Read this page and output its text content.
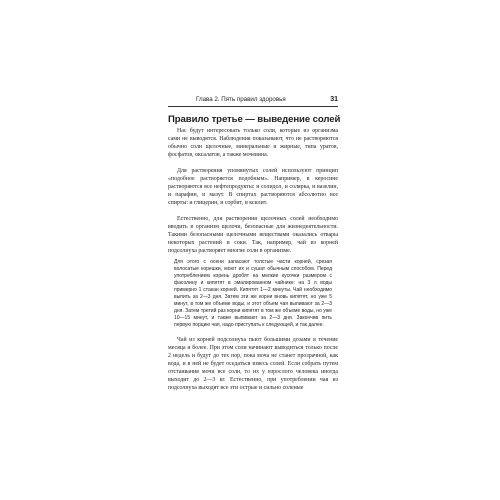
Глава 2. Пять правил здоровья	31
Правило третье — выведение солей

Нас будут интересовать только соли, которые из организма сами не выводятся. Наблюдения показывают, что не растворяются обычно соли щелочные, минеральные и жирные, типа уратов, фосфатов, оксалатов, а также мочевина.

Для растворения упомянутых солей используют принцип «подобное растворяется подобным». Например, в керосине растворяются все нефтепродукты: и солидол, и солярка, и вазелин, и парафин, и мазут. В спиртах растворяются абсолютно все спирты: и глицерин, и сорбит, и ксилит.

Естественно, для растворения щелочных солей необходимо вводить в организм щелочи, безопасные для жизнедеятельности. Такими безопасными щелочными веществами оказались отвары некоторых растений и соки. Так, например, чай из корней подсолнуха растворяет многие соли в организме.

Для этого с осени запасают толстые части корней, срезая волосатые корешки, моют их и сушат обычным способом. Перед употреблением корень дробят на мелкие кусочки размером с фасолину и кипятят в эмалированном чайнике: на 3 л воды примерно 1 стакан корней. Кипятят 1—2 минуты. Чай необходимо выпить за 2—3 дня. Затем эти же корни вновь кипятят, но уже 5 минут, в том же объеме воды, и этот объем чая выпивают за 2—3 дня. Затем третий раз корни кипятят в том же объеме воды, но уже 10—15 минут, и также выпивают за 2—3 дня. Закончив пить первую порцию чая, надо приступать к следующей, и так далее.

Чай из корней подсолнуха пьют большими дозами в течение месяца и более. При этом соли начинают выводиться только после 2 недель и будут до тех пор, пока моча не станет прозрачной, как вода, и в ней не будет оседаться взвесь солей. Если собрать путем отстаивания мочи все соли, то их у взрослого человека иногда выходит до 2—3 кг. Естественно, при употреблении чая из подсолнуха выходят все эти острые и сильно соленые
